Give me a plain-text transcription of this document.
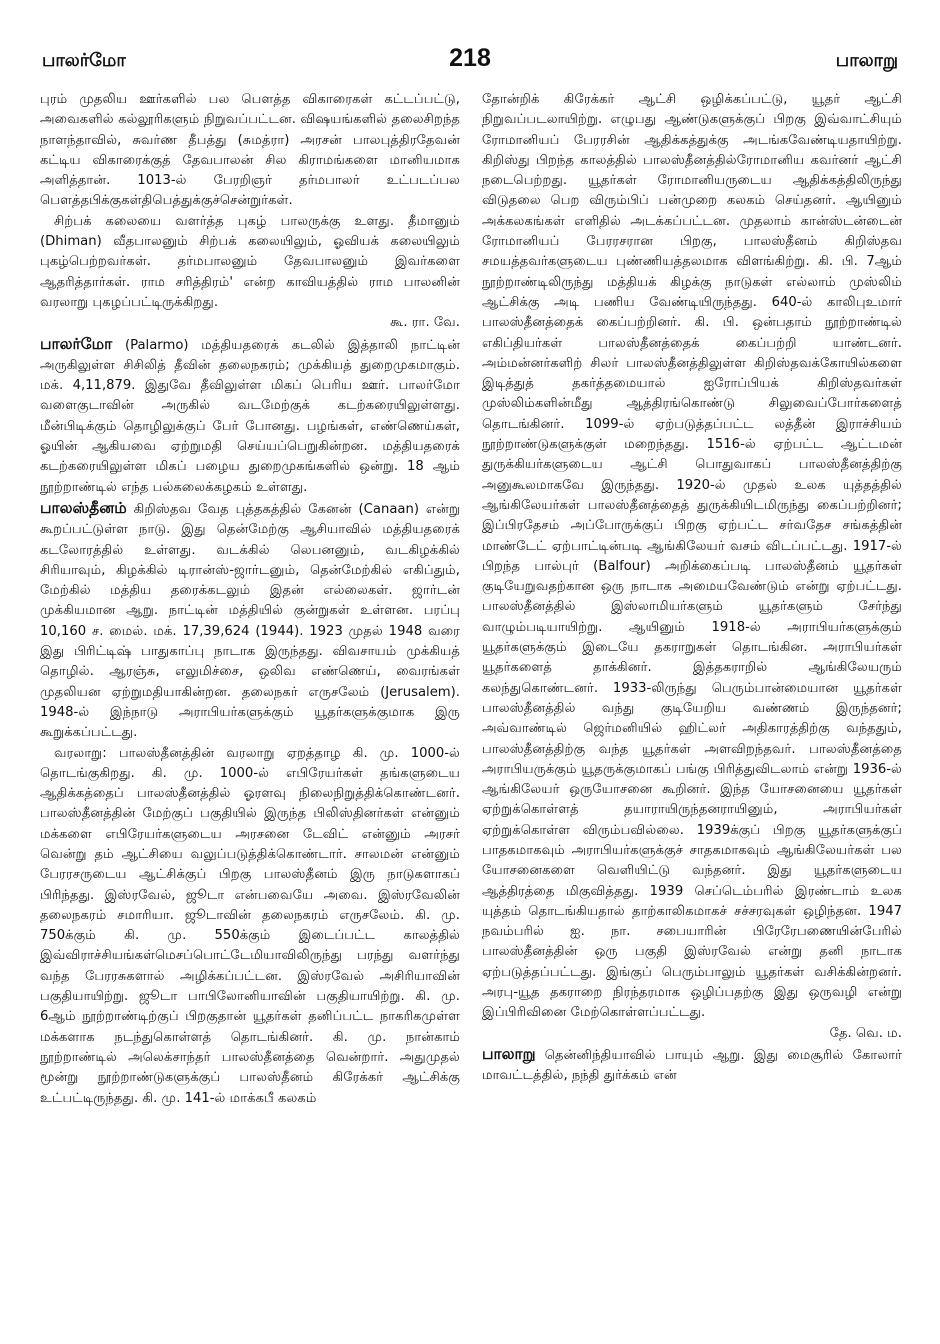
பாலர்மோ	218	பாலாறு

புரம் முதலிய ஊர்களில் பல பௌத்த விகாரைகள் கட்டப்பட்டு, அவைகளில் கல்லூரிகளும் நிறுவப்பட்டன. விஷயங்களில் தலைசிறந்த நாளந்தாவில், சுவர்ண தீபத்து (சுமத்ரா) அரசன் பாலபுத்திரதேவன் கட்டிய விகாரைக்குத் தேவபாலன் சில கிராமங்களை மானியமாக அளித்தான். 1013-ல் பேரறிஞர் தர்மபாலர் உட்படப்பல பௌத்தபிக்குகள்திபெத்துக்குச்சென்றுர்கள்.

சிற்பக் கலையை வளர்த்த புகழ் பாலருக்கு உளது. தீமானும் (Dhiman) வீதபாலனும் சிற்பக் கலையிலும், ஓவியக் கலையிலும் புகழ்பெற்றவர்கள். தர்மபாலனும் தேவபாலனும் இவர்களை ஆதரித்தார்கள். ராம சரித்திரம்' என்ற காவியத்தில் ராம பாலனின் வரலாறு புகழப்பட்டிருக்கிறது.
கூ. ரா. வே.

பாலர்மோ (Palarmo) மத்தியதரைக் கடலில் இத்தாலி நாட்டின் அருகிலுள்ள சிசிலித் தீவின் தலைநகரம்; முக்கியத் துறைமுகமாகும். மக். 4,11,879. இதுவே தீவிலுள்ள மிகப் பெரிய ஊர். பாலர்மோ வளைகுடாவின் அருகில் வடமேற்குக் கடற்கரையிலுள்ளது. மீன்பிடிக்கும் தொழிலுக்குப் பேர் போனது. பழங்கள், எண்ணெய்கள், ஓயின் ஆகியவை ஏற்றுமதி செய்யப்பெறுகின்றன. மத்தியதரைக் கடற்கரையிலுள்ள மிகப் பழைய துறைமுகங்களில் ஒன்று. 18 ஆம் நூற்றாண்டில் எந்த பல்கலைக்கழகம் உள்ளது.

பாலஸ்தீனம் கிறிஸ்தவ வேத புத்தகத்தில் கேனன் (Canaan) என்று கூறப்பட்டுள்ள நாடு. இது தென்மேற்கு ஆசியாவில் மத்தியதரைக் கடலோரத்தில் உள்ளது. வடக்கில் லெபனனும், வடகிழக்கில் சிரியாவும், கிழக்கில் டிரான்ஸ்-ஜார்டனும், தென்மேற்கில் எகிப்தும், மேற்கில் மத்திய தரைக்கடலும் இதன் எல்லைகள். ஜார்டன் முக்கியமான ஆறு. நாட்டின் மத்தியில் குன்றுகள் உள்ளன. பரப்பு 10,160 ச. மைல். மக். 17,39,624 (1944). 1923 முதல் 1948 வரை இது பிரிட்டிஷ் பாதுகாப்பு நாடாக இருந்தது. விவசாயம் முக்கியத் தொழில். ஆரஞ்சு, எலுமிச்சை, ஒலிவ எண்ணெய், வைரங்கள் முதலியன ஏற்றுமதியாகின்றன. தலைநகர் எருசலேம் (Jerusalem). 1948-ல் இந்நாடு அராபியர்களுக்கும் யூதர்களுக்குமாக இரு கூறுக்கப்பட்டது.

வரலாறு: பாலஸ்தீனத்தின் வரலாறு ஏறத்தாழ கி. மு. 1000-ல் தொடங்குகிறது. கி. மு. 1000-ல் எபிரேயர்கள் தங்களுடைய ஆதிக்கத்தைப் பாலஸ்தீனத்தில் ஓரளவு நிலைநிறுத்திக்கொண்டனர். பாலஸ்தீனத்தின் மேற்குப் பகுதியில் இருந்த பிலிஸ்தினர்கள் என்னும் மக்களை எபிரேயர்களுடைய அரசனை டேவிட் என்னும் அரசர் வென்று தம் ஆட்சியை வலுப்படுத்திக்கொண்டார். சாலமன் என்னும் பேரரசருடைய ஆட்சிக்குப் பிறகு பாலஸ்தீனம் இரு நாடுகளாகப் பிரிந்தது. இஸ்ரவேல், ஜூடா என்பவையே அவை. இஸ்ரவேலின் தலைநகரம் சமாரியா. ஜூடாவின் தலைநகரம் எருசலேம். கி. மு. 750க்கும் கி. மு. 550க்கும் இடைப்பட்ட காலத்தில் இவ்விராச்சியங்கள்மெசப்பொட்டேமியாவிலிருந்து பரந்து வளர்ந்து வந்த பேரரசுகளால் அழிக்கப்பட்டன. இஸ்ரவேல் அசிரியாவின் பகுதியாயிற்று. ஜூடா பாபிலோனியாவின் பகுதியாயிற்று. கி. மு. 6ஆம் நூற்றாண்டிற்குப் பிறகுதான் யூதர்கள் தனிப்பட்ட நாகரிகமுள்ள மக்களாக நடந்துகொள்ளத் தொடங்கினர். கி. மு. நான்காம் நூற்றாண்டில் அலெக்சாந்தர் பாலஸ்தீனத்தை வென்றார். அதுமுதல் மூன்று நூற்றாண்டுகளுக்குப் பாலஸ்தீனம் கிரேக்கர் ஆட்சிக்கு உட்பட்டிருந்தது. கி. மு. 141-ல் மாக்கபீ கலகம்

தோன்றிக் கிரேக்கர் ஆட்சி ஒழிக்கப்பட்டு, யூதர் ஆட்சி நிறுவப்படலாயிற்று. எழுபது ஆண்டுகளுக்குப் பிறகு இவ்வாட்சியும் ரோமானியப் பேரரசின் ஆதிக்கத்துக்கு அடங்கவேண்டியதாயிற்று. கிறிஸ்து பிறந்த காலத்தில் பாலஸ்தீனத்தில்ரோமானிய கவர்னர் ஆட்சி நடைபெற்றது. யூதர்கள் ரோமானியருடைய ஆதிக்கத்திலிருந்து விடுதலை பெற விரும்பிப் பன்முறை கலகம் செய்தனர். ஆயினும் அக்கலகங்கள் எளிதில் அடக்கப்பட்டன. முதலாம் கான்ஸ்டன்டைன் ரோமானியப் பேரரசரான பிறகு, பாலஸ்தீனம் கிறிஸ்தவ சமயத்தவர்களுடைய புண்ணியத்தலமாக விளங்கிற்று. கி. பி. 7ஆம் நூற்றாண்டிலிருந்து மத்தியக் கிழக்கு நாடுகள் எல்லாம் முஸ்லிம் ஆட்சிக்கு அடி பணிய வேண்டியிருந்தது. 640-ல் காலிபுஉமார் பாலஸ்தீனத்தைக் கைப்பற்றினர். கி. பி. ஒன்பதாம் நூற்றாண்டில் எகிப்தியர்கள் பாலஸ்தீனத்தைக் கைப்பற்றி யாண்டனர். அம்மன்னர்களிற் சிலர் பாலஸ்தீனத்திலுள்ள கிறிஸ்தவக்கோயில்களை இடித்துத் தகர்த்தமையால் ஐரோப்பியக் கிறிஸ்தவர்கள் முஸ்லிம்களின்மீது ஆத்திரங்கொண்டு சிலுவைப்போர்களைத் தொடங்கினர். 1099-ல் ஏற்படுத்தப்பட்ட லத்தீன் இராச்சியம் நூற்றாண்டுகளுக்குள் மறைந்தது. 1516-ல் ஏற்பட்ட ஆட்டமன் துருக்கியர்களுடைய ஆட்சி பொதுவாகப் பாலஸ்தீனத்திற்கு அனுகூலமாகவே இருந்தது. 1920-ல் முதல் உலக யுத்தத்தில் ஆங்கிலேயர்கள் பாலஸ்தீனத்தைத் துருக்கியிடமிருந்து கைப்பற்றினர்; இப்பிரதேசம் அப்போருக்குப் பிறகு ஏற்பட்ட சர்வதேச சங்கத்தின் மாண்டேட் ஏற்பாட்டின்படி ஆங்கிலேயர் வசம் விடப்பட்டது. 1917-ல் பிறந்த பால்புர் (Balfour) அறிக்கைப்படி பாலஸ்தீனம் யூதர்கள் குடியேறுவதற்கான ஒரு நாடாக அமையவேண்டும் என்று ஏற்பட்டது. பாலஸ்தீனத்தில் இஸ்லாமியர்களும் யூதர்களும் சேர்ந்து வாழும்படியாயிற்று. ஆயினும் 1918-ல் அராபியர்களுக்கும் யூதர்களுக்கும் இடையே தகராறுகள் தொடங்கின. அராபியர்கள் யூதர்களைத் தாக்கினர். இத்தகராறில் ஆங்கிலேயரும் கலந்துகொண்டனர். 1933-லிருந்து பெரும்பான்மையான யூதர்கள் பாலஸ்தீனத்தில் வந்து குடியேறிய வண்ணம் இருந்தனர்; அவ்வாண்டில் ஜெர்மனியில் ஹிட்லர் அதிகாரத்திற்கு வந்ததும், பாலஸ்தீனத்திற்கு வந்த யூதர்கள் அளவிறந்தவர். பாலஸ்தீனத்தை அராபியருக்கும் யூதருக்குமாகப் பங்கு பிரித்துவிடலாம் என்று 1936-ல் ஆங்கிலேயர் ஒருயோசனை கூறினர். இந்த யோசனையை யூதர்கள் ஏற்றுக்கொள்ளத் தயாராயிருந்தனராயினும், அராபியர்கள் ஏற்றுக்கொள்ள விரும்பவில்லை. 1939க்குப் பிறகு யூதர்களுக்குப் பாதகமாகவும் அராபியர்களுக்குச் சாதகமாகவும் ஆங்கிலேயர்கள் பல யோசனைகளை வெளியிட்டு வந்தனர். இது யூதர்களுடைய ஆத்திரத்தை மிகுவித்தது. 1939 செப்டெம்பரில் இரண்டாம் உலக யுத்தம் தொடங்கியதால் தாற்காலிகமாகச் சச்சரவுகள் ஒழிந்தன. 1947 நவம்பரில் ஐ. நா. சபையாரின் பிரேரேபணையின்பேரில் பாலஸ்தீனத்தின் ஒரு பகுதி இஸ்ரவேல் என்று தனி நாடாக ஏற்படுத்தப்பட்டது. இங்குப் பெரும்பாலும் யூதர்கள் வசிக்கின்றனர். அரபு-யூத தகராறை நிரந்தரமாக ஒழிப்பதற்கு இது ஒருவழி என்று இப்பிரிவினை மேற்கொள்ளப்பட்டது.
தே. வெ. ம.

பாலாறு தென்னிந்தியாவில் பாயும் ஆறு. இது மைசூரில் கோலார் மாவட்டத்தில், நந்தி துர்க்கம் என்
